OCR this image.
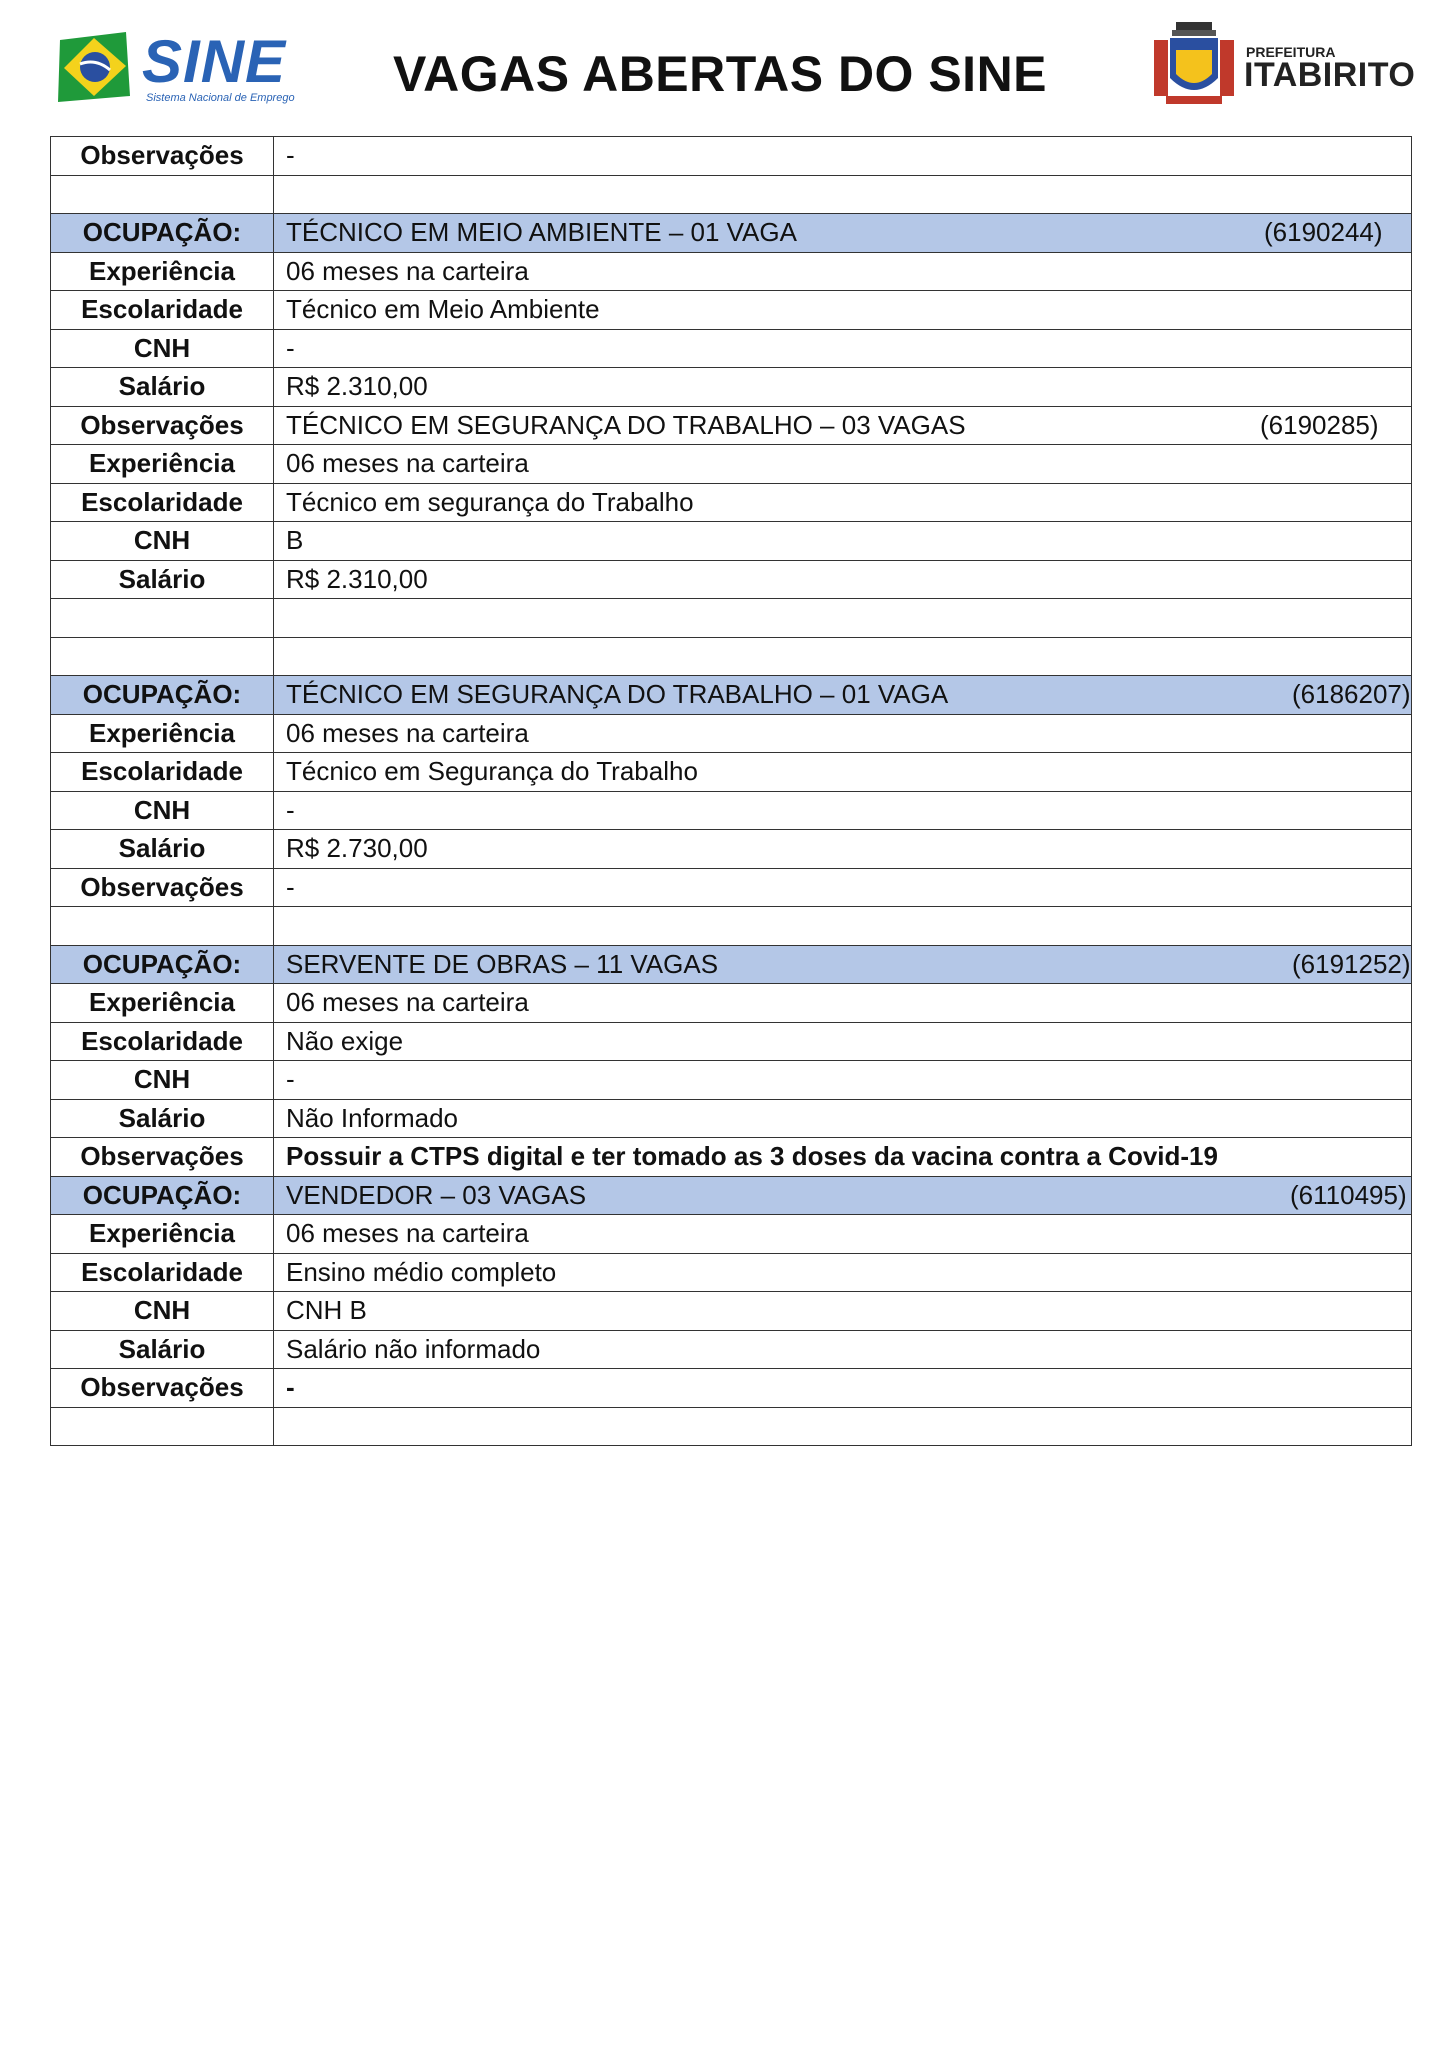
SINE
Sistema Nacional de Emprego	VAGAS ABERTAS DO SINE	PREFEITURA
ITABIRITO
Observações	-

OCUPAÇÃO:	TÉCNICO EM MEIO AMBIENTE – 01 VAGA (6190244)

Experiência	06 meses na carteira
Escolaridade	Técnico em Meio Ambiente
CNH	-
Salário	R$ 2.310,00
Observações	TÉCNICO EM SEGURANÇA DO TRABALHO – 03 VAGAS (6190285)

Experiência	06 meses na carteira
Escolaridade	Técnico em segurança do Trabalho
CNH	B
Salário	R$ 2.310,00

OCUPAÇÃO:	TÉCNICO EM SEGURANÇA DO TRABALHO – 01 VAGA (6186207)

Experiência	06 meses na carteira
Escolaridade	Técnico em Segurança do Trabalho
CNH	-
Salário	R$ 2.730,00
Observações	-

OCUPAÇÃO:	SERVENTE DE OBRAS – 11 VAGAS (6191252)

Experiência	06 meses na carteira
Escolaridade	Não exige
CNH	-
Salário	Não Informado
Observações	Possuir a CTPS digital e ter tomado as 3 doses da vacina contra a Covid-19
OCUPAÇÃO:	VENDEDOR – 03 VAGAS (6110495)

Experiência	06 meses na carteira
Escolaridade	Ensino médio completo
CNH	CNH B
Salário	Salário não informado
Observações	-
